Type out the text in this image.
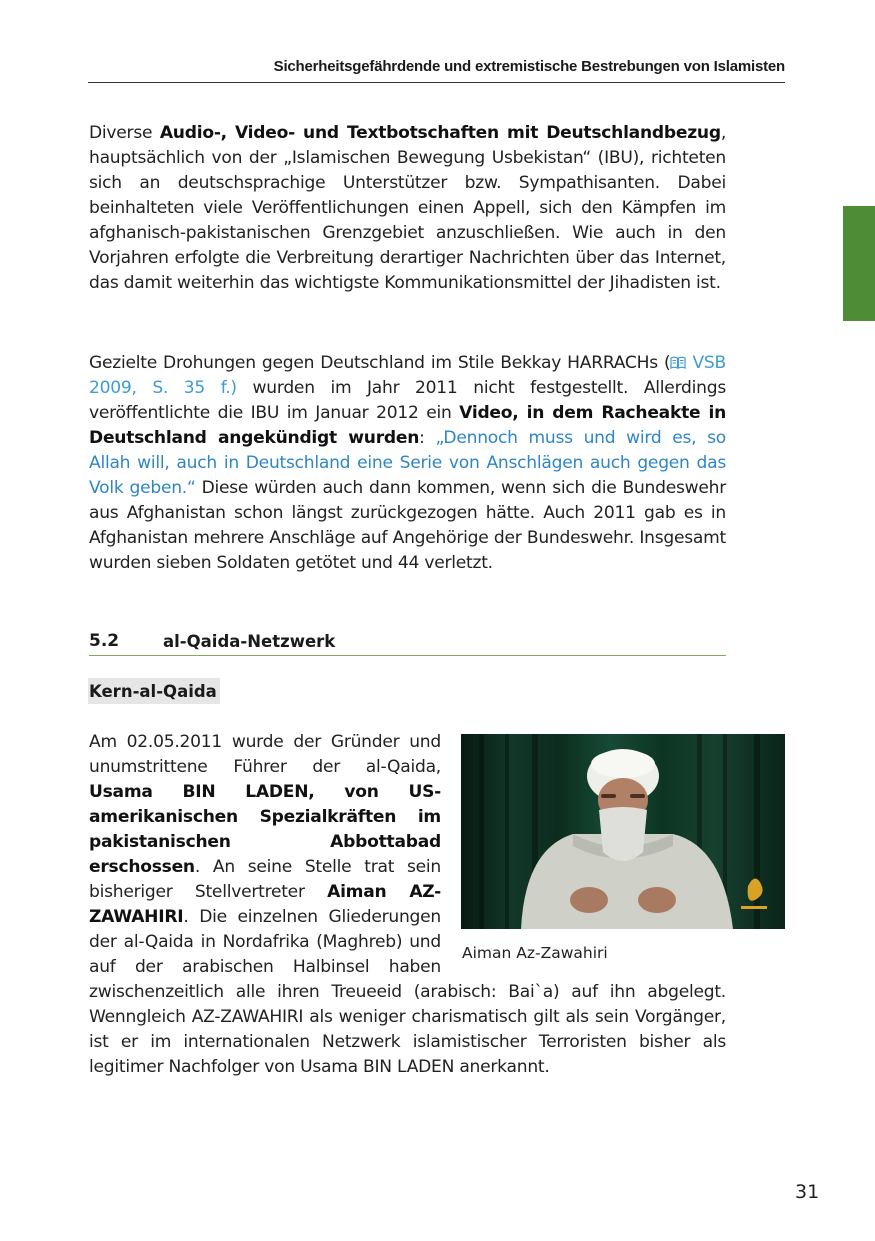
Sicherheitsgefährdende und extremistische Bestrebungen von Islamisten

Diverse Audio-, Video- und Textbotschaften mit Deutschlandbezug, hauptsächlich von der „Islamischen Bewegung Usbekistan“ (IBU), richteten sich an deutschsprachige Unterstützer bzw. Sympathisanten. Dabei beinhalteten viele Veröffentlichungen einen Appell, sich den Kämpfen im afghanisch-pakistanischen Grenzgebiet anzuschließen. Wie auch in den Vorjahren erfolgte die Verbreitung derartiger Nachrichten über das Internet, das damit weiterhin das wichtigste Kommunikationsmittel der Jihadisten ist.

Gezielte Drohungen gegen Deutschland im Stile Bekkay HARRACHs ( VSB 2009, S. 35 f.) wurden im Jahr 2011 nicht festgestellt. Allerdings veröffentlichte die IBU im Januar 2012 ein Video, in dem Racheakte in Deutschland angekündigt wurden: „Dennoch muss und wird es, so Allah will, auch in Deutschland eine Serie von Anschlägen auch gegen das Volk geben.“ Diese würden auch dann kommen, wenn sich die Bundeswehr aus Afghanistan schon längst zurückgezogen hätte. Auch 2011 gab es in Afghanistan mehrere Anschläge auf Angehörige der Bundeswehr. Insgesamt wurden sieben Soldaten getötet und 44 verletzt.

5.2	al-Qaida-Netzwerk
Kern-al-Qaida
Am 02.05.2011 wurde der Gründer und unumstrittene Führer der al-Qaida, Usama BIN LADEN, von US-amerikanischen Spezialkräften im pakistanischen Abbottabad erschossen. An seine Stelle trat sein bisheriger Stellvertreter Aiman AZ-ZAWAHIRI. Die einzelnen Gliederungen der al-Qaida in Nordafrika (Maghreb) und auf der arabischen Halbinsel haben zwischenzeitlich alle ihren Treueeid (arabisch: Bai`a) auf ihn abgelegt. Wenngleich AZ-ZAWAHIRI als weniger charismatisch gilt als sein Vorgänger, ist er im internationalen Netzwerk islamistischer Terroristen bisher als legitimer Nachfolger von Usama BIN LADEN anerkannt.
Aiman Az-Zawahiri
31
